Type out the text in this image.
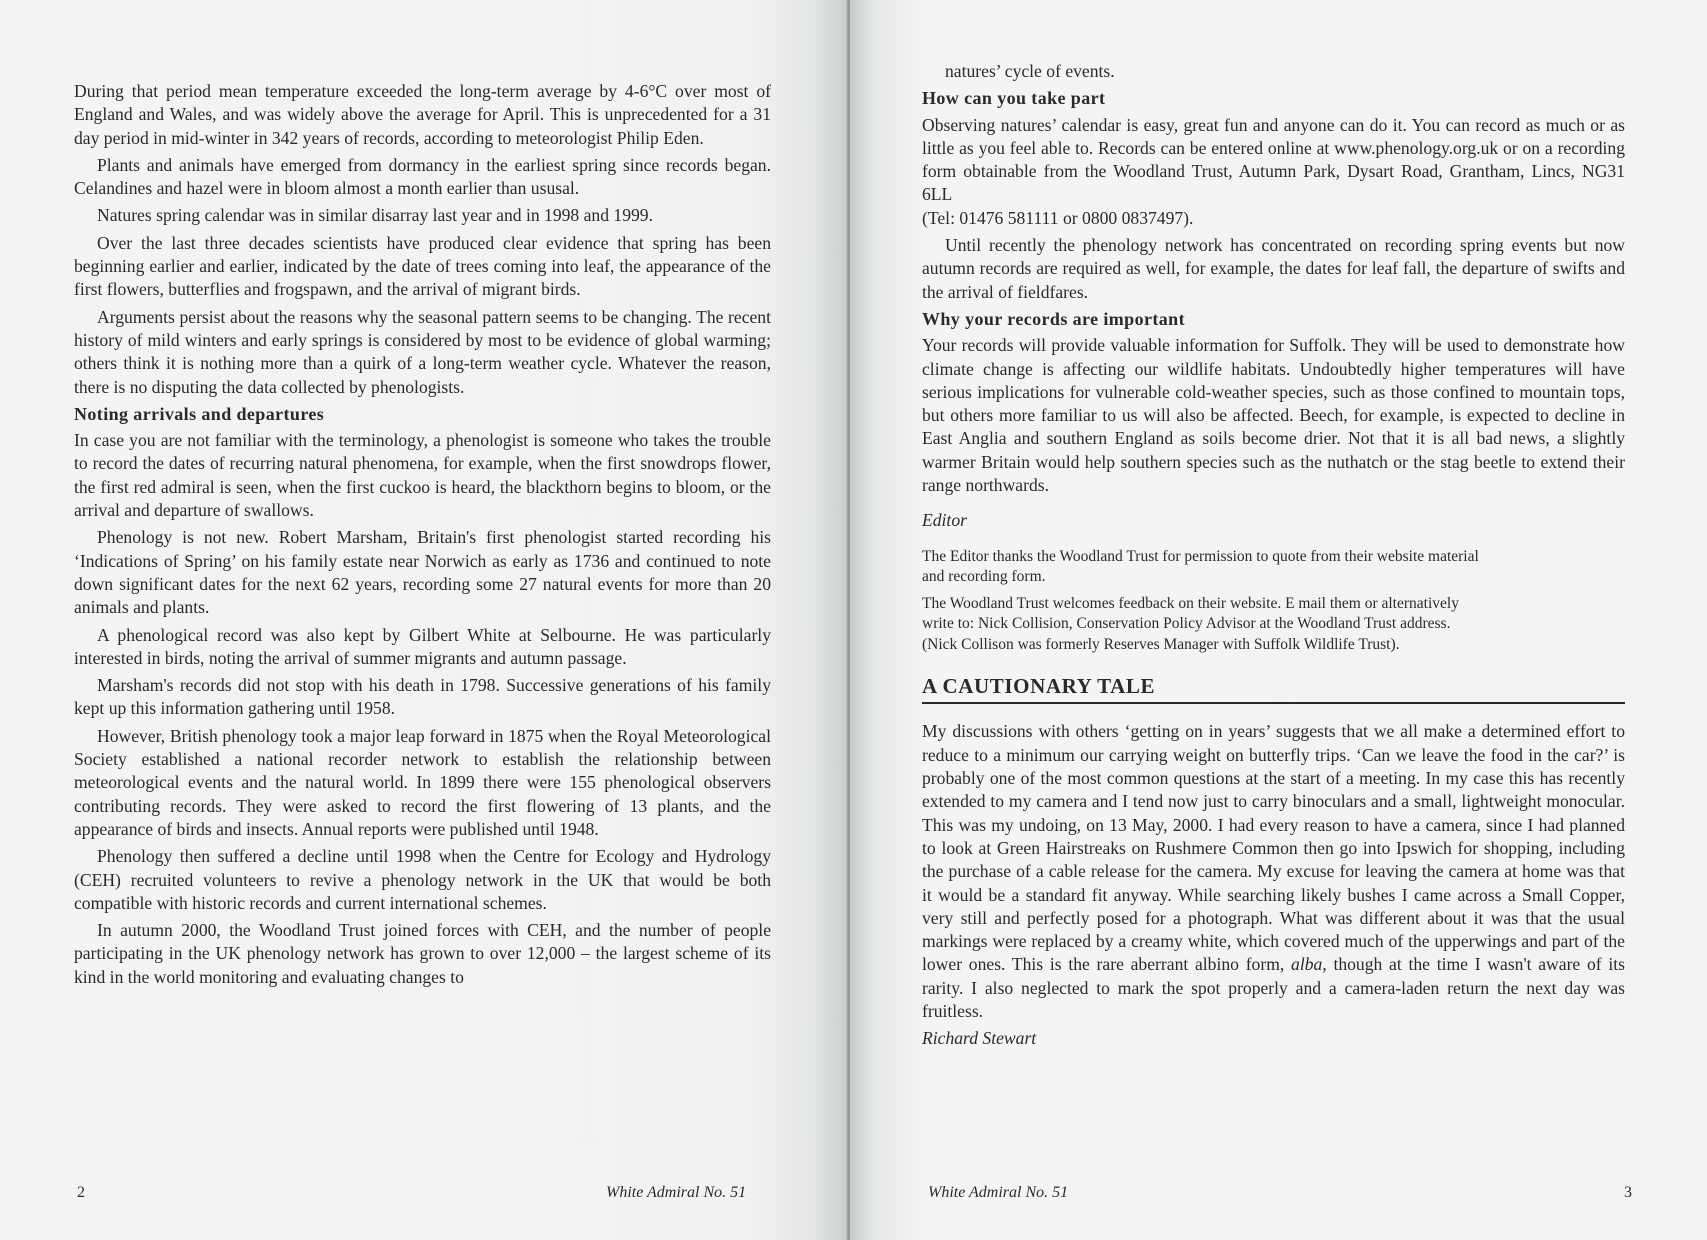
During that period mean temperature exceeded the long-term average by 4-6°C over most of England and Wales, and was widely above the average for April. This is unprecedented for a 31 day period in mid-winter in 342 years of records, according to meteorologist Philip Eden.

Plants and animals have emerged from dormancy in the earliest spring since records began. Celandines and hazel were in bloom almost a month earlier than ususal.

Natures spring calendar was in similar disarray last year and in 1998 and 1999.

Over the last three decades scientists have produced clear evidence that spring has been beginning earlier and earlier, indicated by the date of trees coming into leaf, the appearance of the first flowers, butterflies and frogspawn, and the arrival of migrant birds.

Arguments persist about the reasons why the seasonal pattern seems to be changing. The recent history of mild winters and early springs is considered by most to be evidence of global warming; others think it is nothing more than a quirk of a long-term weather cycle. Whatever the reason, there is no disputing the data collected by phenologists.

Noting arrivals and departures

In case you are not familiar with the terminology, a phenologist is someone who takes the trouble to record the dates of recurring natural phenomena, for example, when the first snowdrops flower, the first red admiral is seen, when the first cuckoo is heard, the blackthorn begins to bloom, or the arrival and departure of swallows.

Phenology is not new. Robert Marsham, Britain's first phenologist started recording his ‘Indications of Spring’ on his family estate near Norwich as early as 1736 and continued to note down significant dates for the next 62 years, recording some 27 natural events for more than 20 animals and plants.

A phenological record was also kept by Gilbert White at Selbourne. He was particularly interested in birds, noting the arrival of summer migrants and autumn passage.

Marsham's records did not stop with his death in 1798. Successive generations of his family kept up this information gathering until 1958.

However, British phenology took a major leap forward in 1875 when the Royal Meteorological Society established a national recorder network to establish the relationship between meteorological events and the natural world. In 1899 there were 155 phenological observers contributing records. They were asked to record the first flowering of 13 plants, and the appearance of birds and insects. Annual reports were published until 1948.

Phenology then suffered a decline until 1998 when the Centre for Ecology and Hydrology (CEH) recruited volunteers to revive a phenology network in the UK that would be both compatible with historic records and current international schemes.

In autumn 2000, the Woodland Trust joined forces with CEH, and the number of people participating in the UK phenology network has grown to over 12,000 – the largest scheme of its kind in the world monitoring and evaluating changes to

2	White Admiral No. 51

natures’ cycle of events.

How can you take part

Observing natures’ calendar is easy, great fun and anyone can do it. You can record as much or as little as you feel able to. Records can be entered online at www.phenology.org.uk or on a recording form obtainable from the Woodland Trust, Autumn Park, Dysart Road, Grantham, Lincs, NG31 6LL

(Tel: 01476 581111 or 0800 0837497).

Until recently the phenology network has concentrated on recording spring events but now autumn records are required as well, for example, the dates for leaf fall, the departure of swifts and the arrival of fieldfares.

Why your records are important

Your records will provide valuable information for Suffolk. They will be used to demonstrate how climate change is affecting our wildlife habitats. Undoubtedly higher temperatures will have serious implications for vulnerable cold-weather species, such as those confined to mountain tops, but others more familiar to us will also be affected. Beech, for example, is expected to decline in East Anglia and southern England as soils become drier. Not that it is all bad news, a slightly warmer Britain would help southern species such as the nuthatch or the stag beetle to extend their range northwards.

Editor

The Editor thanks the Woodland Trust for permission to quote from their website material
and recording form.
The Woodland Trust welcomes feedback on their website. E mail them or alternatively
write to: Nick Collision, Conservation Policy Advisor at the Woodland Trust address.
(Nick Collison was formerly Reserves Manager with Suffolk Wildlife Trust).
A CAUTIONARY TALE

My discussions with others ‘getting on in years’ suggests that we all make a determined effort to reduce to a minimum our carrying weight on butterfly trips. ‘Can we leave the food in the car?’ is probably one of the most common questions at the start of a meeting. In my case this has recently extended to my camera and I tend now just to carry binoculars and a small, lightweight monocular. This was my undoing, on 13 May, 2000. I had every reason to have a camera, since I had planned to look at Green Hairstreaks on Rushmere Common then go into Ipswich for shopping, including the purchase of a cable release for the camera. My excuse for leaving the camera at home was that it would be a standard fit anyway. While searching likely bushes I came across a Small Copper, very still and perfectly posed for a photograph. What was different about it was that the usual markings were replaced by a creamy white, which covered much of the upperwings and part of the lower ones. This is the rare aberrant albino form, alba, though at the time I wasn't aware of its rarity. I also neglected to mark the spot properly and a camera-laden return the next day was fruitless.

Richard Stewart

White Admiral No. 51	3
